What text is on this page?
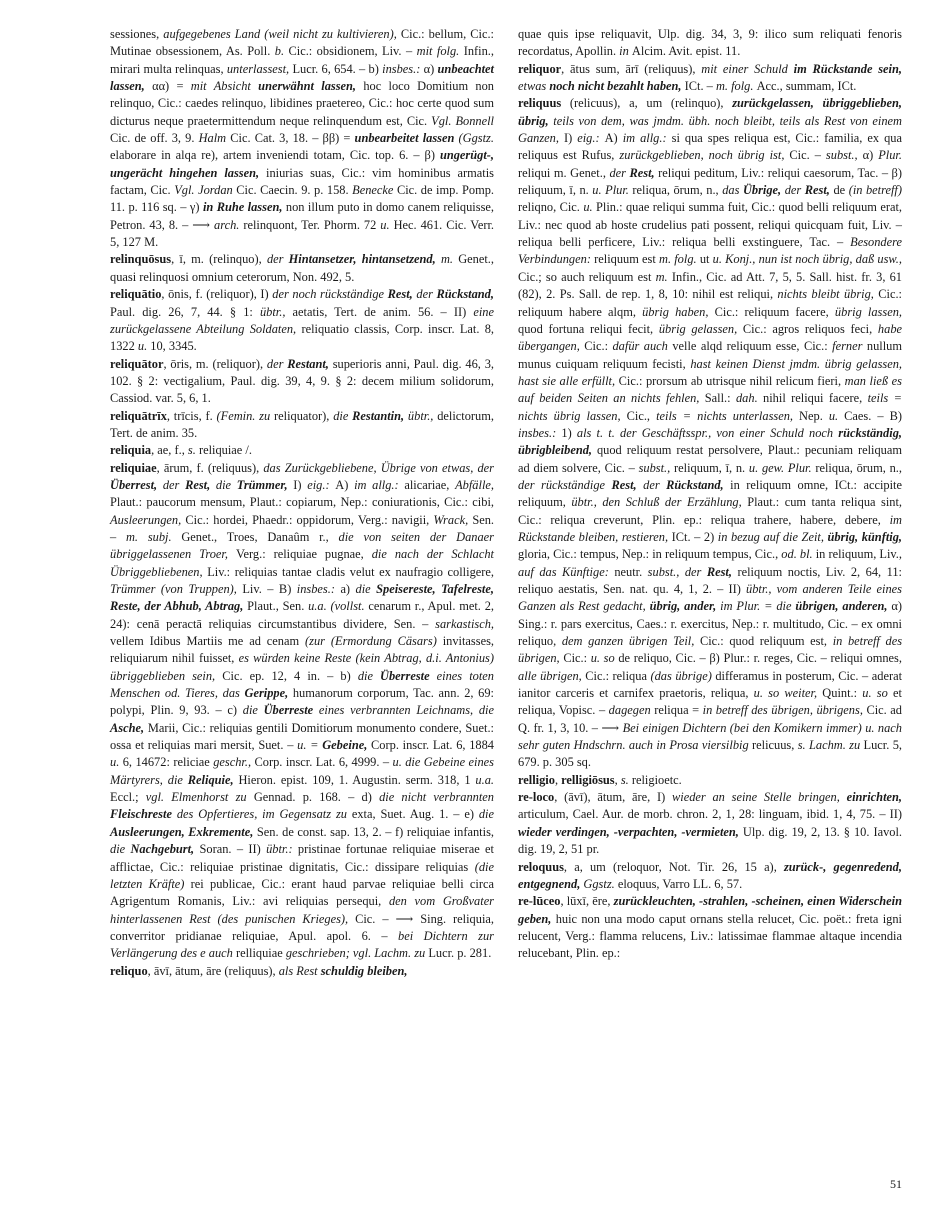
sessiones, aufgegebenes Land (weil nicht zu kultivieren), Cic.: bellum, Cic.: Mutinae obsessionem, As. Poll. b. Cic.: obsidionem, Liv. – mit folg. Infin., mirari multa relinquas, unterlassest, Lucr. 6, 654. – b) insbes.: α) unbeachtet lassen, αα) = mit Absicht unerwähnt lassen, hoc loco Domitium non relinquo, Cic.: caedes relinquo, libidines praetereo, Cic.: hoc certe quod sum dicturus neque praetermittendum neque relinquendum est, Cic. Vgl. Bonnell Cic. de off. 3, 9. Halm Cic. Cat. 3, 18. – ββ) = unbearbeitet lassen (Ggstz. elaborare in alqa re), artem inveniendi totam, Cic. top. 6. – β) ungerügt-, ungerächt hingehen lassen, iniurias suas, Cic.: vim hominibus armatis factam, Cic. Vgl. Jordan Cic. Caecin. 9. p. 158. Benecke Cic. de imp. Pomp. 11. p. 116 sq. – γ) in Ruhe lassen, non illum puto in domo canem reliquisse, Petron. 43, 8. – ⟶ arch. relinquont, Ter. Phorm. 72 u. Hec. 461. Cic. Verr. 5, 127 M.

relinquōsus, ī, m. (relinquo), der Hintansetzer, hintansetzend, m. Genet., quasi relinquosi omnium ceterorum, Non. 492, 5.

reliquātio, ōnis, f. (reliquor), I) der noch rückständige Rest, der Rückstand, Paul. dig. 26, 7, 44. § 1: übtr., aetatis, Tert. de anim. 56. – II) eine zurückgelassene Abteilung Soldaten, reliquatio classis, Corp. inscr. Lat. 8, 1322 u. 10, 3345.

reliquātor, ōris, m. (reliquor), der Restant, superioris anni, Paul. dig. 46, 3, 102. § 2: vectigalium, Paul. dig. 39, 4, 9. § 2: decem milium solidorum, Cassiod. var. 5, 6, 1.

reliquātrīx, trīcis, f. (Femin. zu reliquator), die Restantin, übtr., delictorum, Tert. de anim. 35.

reliquia, ae, f., s. reliquiae /.

reliquiae, ārum, f. (reliquus), das Zurückgebliebene, Übrige von etwas, der Überrest, der Rest, die Trümmer, I) eig.: A) im allg.: alicariae, Abfälle, Plaut.: paucorum mensum, Plaut.: copiarum, Nep.: coniurationis, Cic.: cibi, Ausleerungen, Cic.: hordei, Phaedr.: oppidorum, Verg.: navigii, Wrack, Sen. – m. subj. Genet., Troes, Danaûm r., die von seiten der Danaer übriggelassenen Troer, Verg.: reliquiae pugnae, die nach der Schlacht Übriggebliebenen, Liv.: reliquias tantae cladis velut ex naufragio colligere, Trümmer (von Truppen), Liv. – B) insbes.: a) die Speisereste, Tafelreste, Reste, der Abhub, Abtrag, Plaut., Sen. u.a. (vollst. cenarum r., Apul. met. 2, 24): cenā peractā reliquias circumstantibus dividere, Sen. – sarkastisch, vellem Idibus Martiis me ad cenam (zur (Ermordung Cäsars) invitasses, reliquiarum nihil fuisset, es würden keine Reste (kein Abtrag, d.i. Antonius) übriggeblieben sein, Cic. ep. 12, 4 in. – b) die Überreste eines toten Menschen od. Tieres, das Gerippe, humanorum corporum, Tac. ann. 2, 69: polypi, Plin. 9, 93. – c) die Überreste eines verbrannten Leichnams, die Asche, Marii, Cic.: reliquias gentili Domitiorum monumento condere, Suet.: ossa et reliquias mari mersit, Suet. – u. = Gebeine, Corp. inscr. Lat. 6, 1884 u. 6, 14672: reliciae geschr., Corp. inscr. Lat. 6, 4999. – u. die Gebeine eines Märtyrers, die Reliquie, Hieron. epist. 109, 1. Augustin. serm. 318, 1 u.a. Eccl.; vgl. Elmenhorst zu Gennad. p. 168. – d) die nicht verbrannten Fleischreste des Opfertieres, im Gegensatz zu exta, Suet. Aug. 1. – e) die Ausleerungen, Exkremente, Sen. de const. sap. 13, 2. – f) reliquiae infantis, die Nachgeburt, Soran. – II) übtr.: pristinae fortunae reliquiae miserae et afflictae, Cic.: reliquiae pristinae dignitatis, Cic.: dissipare reliquias (die letzten Kräfte) rei publicae, Cic.: erant haud parvae reliquiae belli circa Agrigentum Romanis, Liv.: avi reliquias persequi, den vom Großvater hinterlassenen Rest (des punischen Krieges), Cic. – ⟶ Sing. reliquia, converritor pridianae reliquiae, Apul. apol. 6. – bei Dichtern zur Verlängerung des e auch relliquiae geschrieben; vgl. Lachm. zu Lucr. p. 281.

reliquo, āvī, ātum, āre (reliquus), als Rest schuldig bleiben,

quae quis ipse reliquavit, Ulp. dig. 34, 3, 9: ilico sum reliquati fenoris recordatus, Apollin. in Alcim. Avit. epist. 11.

reliquor, ātus sum, ārī (reliquus), mit einer Schuld im Rückstande sein, etwas noch nicht bezahlt haben, ICt. – m. folg. Acc., summam, ICt.

reliquus (relicuus), a, um (relinquo), zurückgelassen, übriggeblieben, übrig, teils von dem, was jmdm. übh. noch bleibt, teils als Rest von einem Ganzen, I) eig.: A) im allg.: si qua spes reliqua est, Cic.: familia, ex qua reliquus est Rufus, zurückgeblieben, noch übrig ist, Cic. – subst., α) Plur. reliqui m. Genet., der Rest, reliqui peditum, Liv.: reliqui caesorum, Tac. – β) reliquum, ī, n. u. Plur. reliqua, ōrum, n., das Übrige, der Rest, de (in betreff) reliqno, Cic. u. Plin.: quae reliqui summa fuit, Cic.: quod belli reliquum erat, Liv.: nec quod ab hoste crudelius pati possent, reliqui quicquam fuit, Liv. – reliqua belli perficere, Liv.: reliqua belli exstinguere, Tac. – Besondere Verbindungen: reliquum est m. folg. ut u. Konj., nun ist noch übrig, daß usw., Cic.; so auch reliquum est m. Infin., Cic. ad Att. 7, 5, 5. Sall. hist. fr. 3, 61 (82), 2. Ps. Sall. de rep. 1, 8, 10: nihil est reliqui, nichts bleibt übrig, Cic.: reliquum habere alqm, übrig haben, Cic.: reliquum facere, übrig lassen, quod fortuna reliqui fecit, übrig gelassen, Cic.: agros reliquos feci, habe übergangen, Cic.: dafür auch velle alqd reliquum esse, Cic.: ferner nullum munus cuiquam reliquum fecisti, hast keinen Dienst jmdm. übrig gelassen, hast sie alle erfüllt, Cic.: prorsum ab utrisque nihil relicum fieri, man ließ es auf beiden Seiten an nichts fehlen, Sall.: dah. nihil reliqui facere, teils = nichts übrig lassen, Cic., teils = nichts unterlassen, Nep. u. Caes. – B) insbes.: 1) als t. t. der Geschäftsspr., von einer Schuld noch rückständig, übrigbleibend, quod reliquum restat persolvere, Plaut.: pecuniam reliquam ad diem solvere, Cic. – subst., reliquum, ī, n. u. gew. Plur. reliqua, ōrum, n., der rückständige Rest, der Rückstand, in reliquum omne, ICt.: accipite reliquum, übtr., den Schluß der Erzählung, Plaut.: cum tanta reliqua sint, Cic.: reliqua creverunt, Plin. ep.: reliqua trahere, habere, debere, im Rückstande bleiben, restieren, ICt. – 2) in bezug auf die Zeit, übrig, künftig, gloria, Cic.: tempus, Nep.: in reliquum tempus, Cic., od. bl. in reliquum, Liv., auf das Künftige: neutr. subst., der Rest, reliquum noctis, Liv. 2, 64, 11: reliquo aestatis, Sen. nat. qu. 4, 1, 2. – II) übtr., vom anderen Teile eines Ganzen als Rest gedacht, übrig, ander, im Plur. = die übrigen, anderen, α) Sing.: r. pars exercitus, Caes.: r. exercitus, Nep.: r. multitudo, Cic. – ex omni reliquo, dem ganzen übrigen Teil, Cic.: quod reliquum est, in betreff des übrigen, Cic.: u. so de reliquo, Cic. – β) Plur.: r. reges, Cic. – reliqui omnes, alle übrigen, Cic.: reliqua (das übrige) differamus in posterum, Cic. – aderat ianitor carceris et carnifex praetoris, reliqua, u. so weiter, Quint.: u. so et reliqua, Vopisc. – dagegen reliqua = in betreff des übrigen, übrigens, Cic. ad Q. fr. 1, 3, 10. – ⟶ Bei einigen Dichtern (bei den Komikern immer) u. nach sehr guten Hndschrn. auch in Prosa viersilbig relicuus, s. Lachm. zu Lucr. 5, 679. p. 305 sq.

relligio, relligiōsus, s. religioetc.

re-loco, (āvī), ātum, āre, I) wieder an seine Stelle bringen, einrichten, articulum, Cael. Aur. de morb. chron. 2, 1, 28: linguam, ibid. 1, 4, 75. – II) wieder verdingen, -verpachten, -vermieten, Ulp. dig. 19, 2, 13. § 10. Iavol. dig. 19, 2, 51 pr.

reloquus, a, um (reloquor, Not. Tir. 26, 15 a), zurück-, gegenredend, entgegnend, Ggstz. eloquus, Varro LL. 6, 57.

re-lūceo, lūxī, ēre, zurückleuchten, -strahlen, -scheinen, einen Widerschein geben, huic non una modo caput ornans stella relucet, Cic. poët.: freta igni relucent, Verg.: flamma relucens, Liv.: latissimae flammae altaque incendia relucebant, Plin. ep.:

51
